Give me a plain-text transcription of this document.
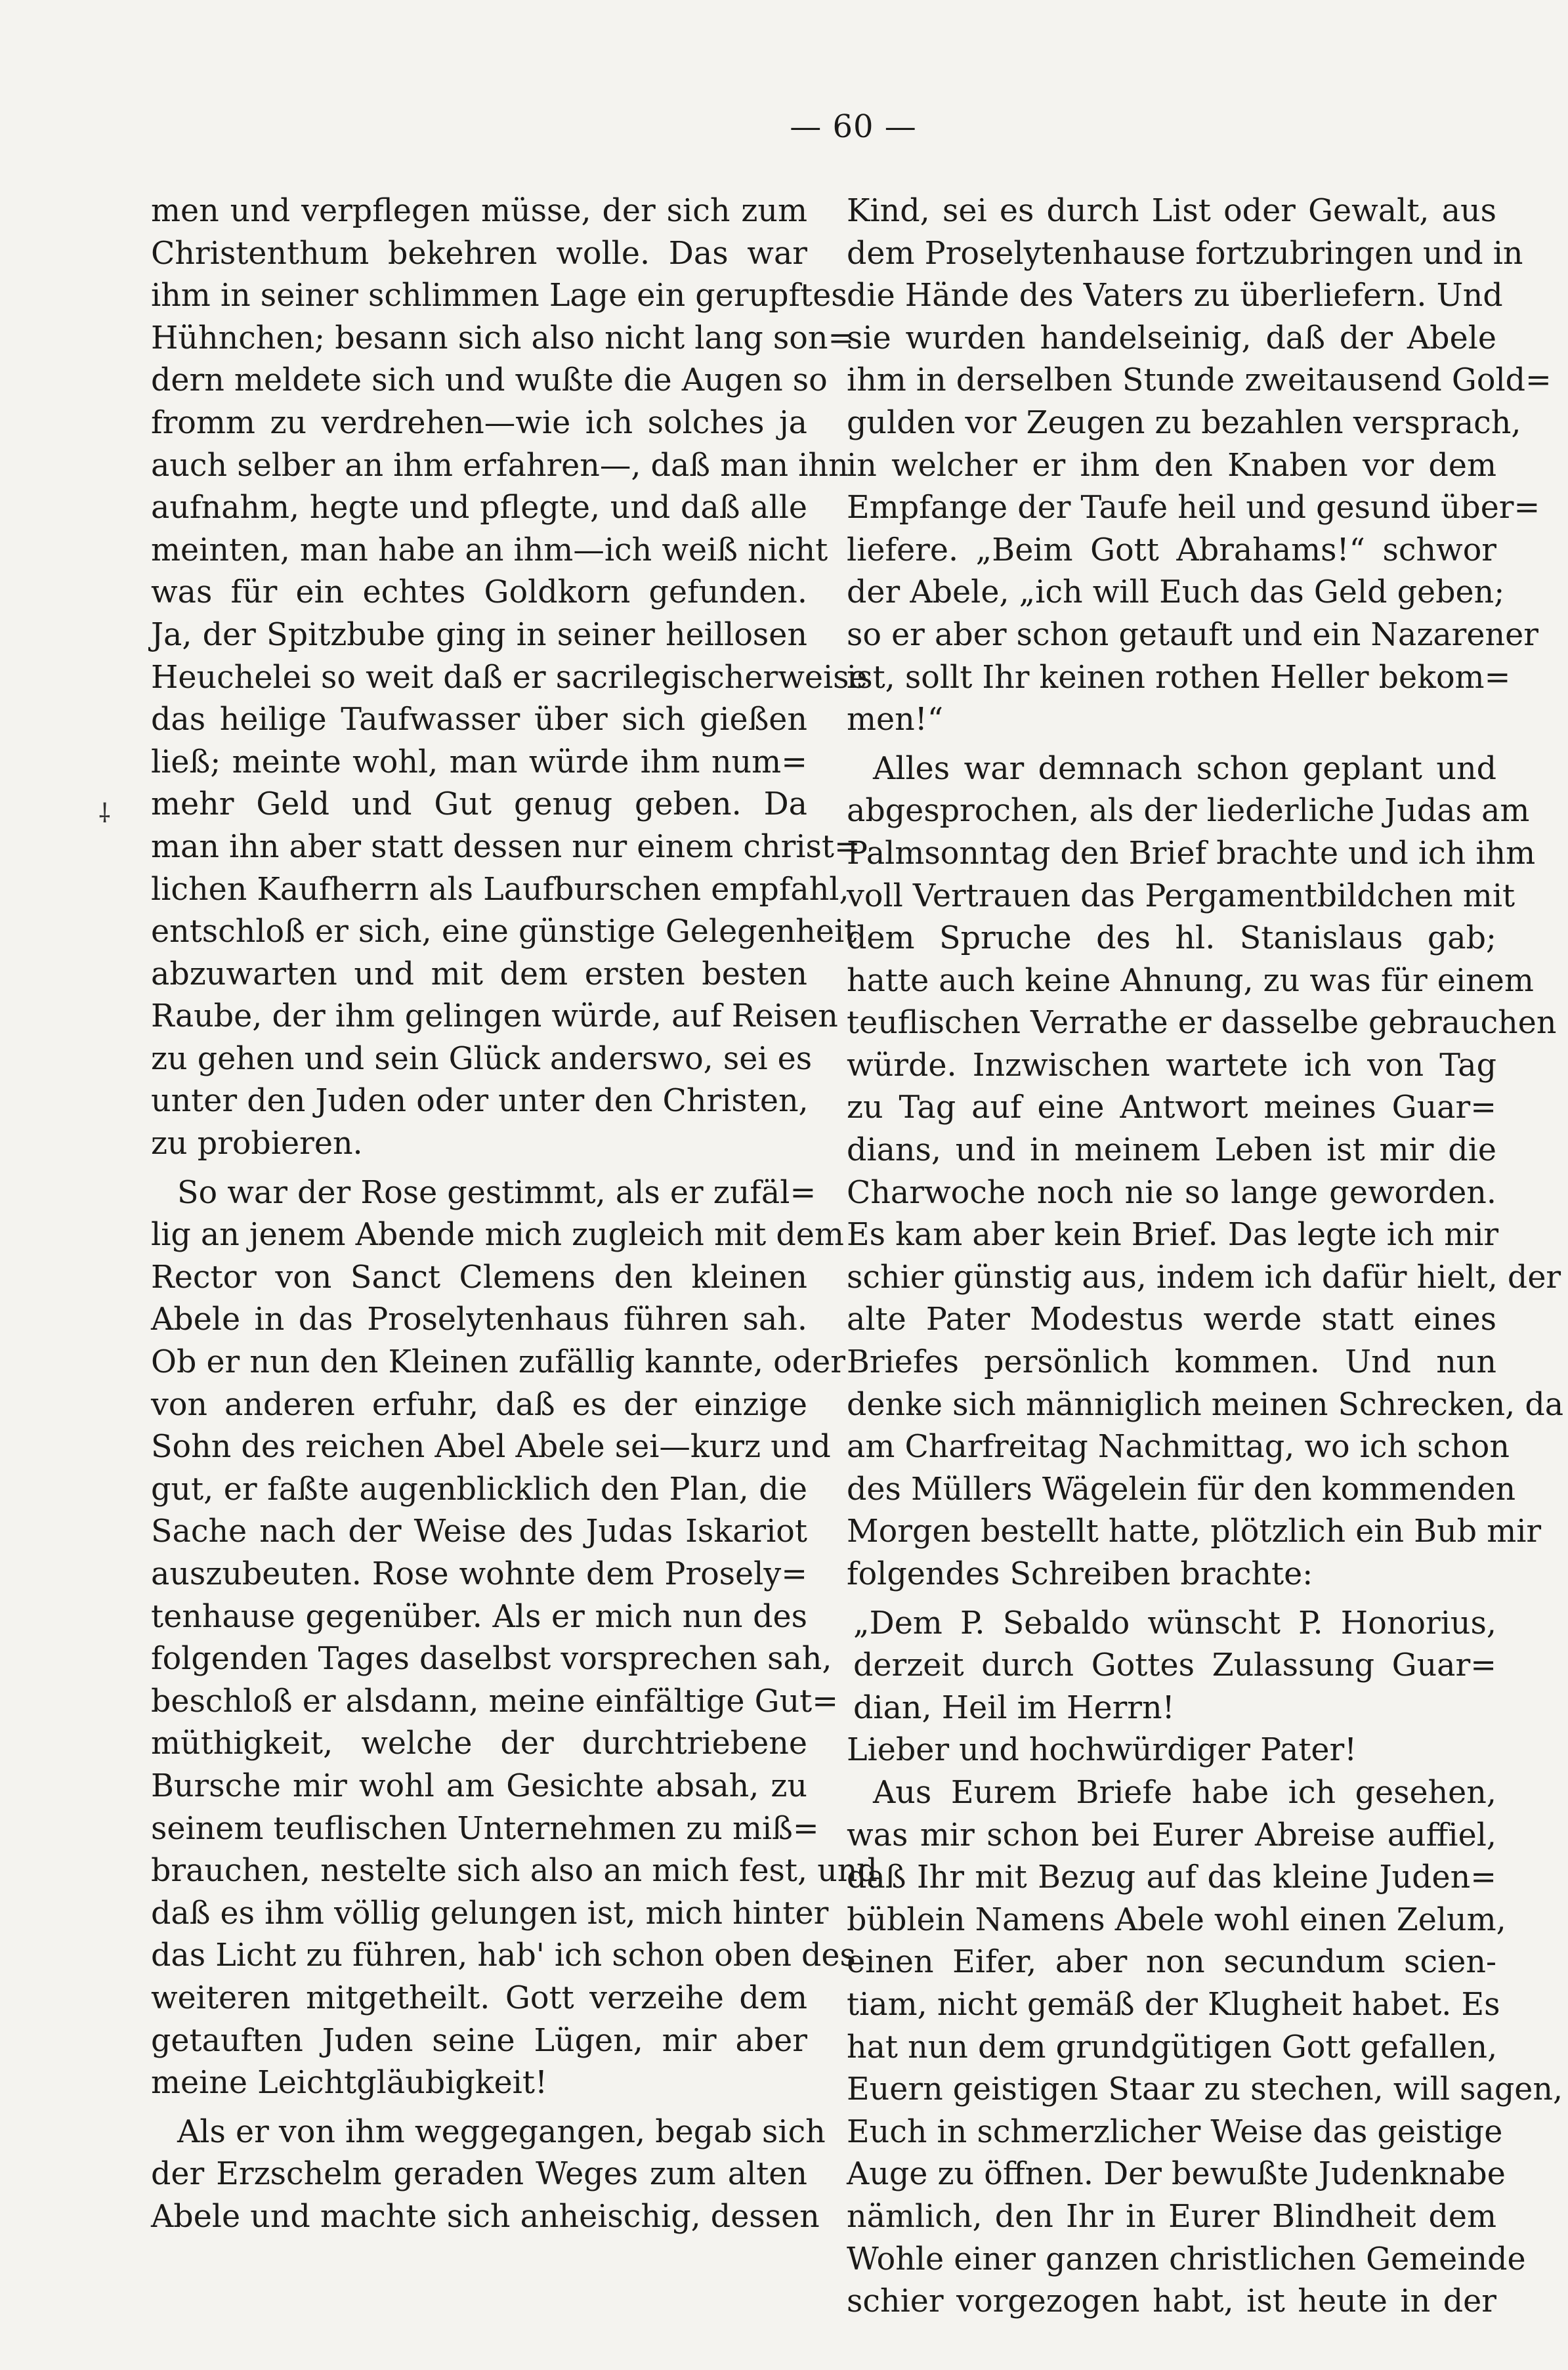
— 60 —
⸸
men und verpflegen müsse, der sich zum
Christenthum bekehren wolle. Das war
ihm in seiner schlimmen Lage ein gerupftes
Hühnchen; besann sich also nicht lang son=
dern meldete sich und wußte die Augen so
fromm zu verdrehen—wie ich solches ja
auch selber an ihm erfahren—, daß man ihn
aufnahm, hegte und pflegte, und daß alle
meinten, man habe an ihm—ich weiß nicht
was für ein echtes Goldkorn gefunden.
Ja, der Spitzbube ging in seiner heillosen
Heuchelei so weit daß er sacrilegischerweise
das heilige Taufwasser über sich gießen
ließ; meinte wohl, man würde ihm num=
mehr Geld und Gut genug geben. Da
man ihn aber statt dessen nur einem christ=
lichen Kaufherrn als Laufburschen empfahl,
entschloß er sich, eine günstige Gelegenheit
abzuwarten und mit dem ersten besten
Raube, der ihm gelingen würde, auf Reisen
zu gehen und sein Glück anderswo, sei es
unter den Juden oder unter den Christen,
zu probieren.
So war der Rose gestimmt, als er zufäl=
lig an jenem Abende mich zugleich mit dem
Rector von Sanct Clemens den kleinen
Abele in das Proselytenhaus führen sah.
Ob er nun den Kleinen zufällig kannte, oder
von anderen erfuhr, daß es der einzige
Sohn des reichen Abel Abele sei—kurz und
gut, er faßte augenblicklich den Plan, die
Sache nach der Weise des Judas Iskariot
auszubeuten. Rose wohnte dem Prosely=
tenhause gegenüber. Als er mich nun des
folgenden Tages daselbst vorsprechen sah,
beschloß er alsdann, meine einfältige Gut=
müthigkeit, welche der durchtriebene
Bursche mir wohl am Gesichte absah, zu
seinem teuflischen Unternehmen zu miß=
brauchen, nestelte sich also an mich fest, und
daß es ihm völlig gelungen ist, mich hinter
das Licht zu führen, hab' ich schon oben des
weiteren mitgetheilt. Gott verzeihe dem
getauften Juden seine Lügen, mir aber
meine Leichtgläubigkeit!
Als er von ihm weggegangen, begab sich
der Erzschelm geraden Weges zum alten
Abele und machte sich anheischig, dessen
Kind, sei es durch List oder Gewalt, aus
dem Proselytenhause fortzubringen und in
die Hände des Vaters zu überliefern. Und
sie wurden handelseinig, daß der Abele
ihm in derselben Stunde zweitausend Gold=
gulden vor Zeugen zu bezahlen versprach,
in welcher er ihm den Knaben vor dem
Empfange der Taufe heil und gesund über=
liefere. „Beim Gott Abrahams!“ schwor
der Abele, „ich will Euch das Geld geben;
so er aber schon getauft und ein Nazarener
ist, sollt Ihr keinen rothen Heller bekom=
men!“
Alles war demnach schon geplant und
abgesprochen, als der liederliche Judas am
Palmsonntag den Brief brachte und ich ihm
voll Vertrauen das Pergamentbildchen mit
dem Spruche des hl. Stanislaus gab;
hatte auch keine Ahnung, zu was für einem
teuflischen Verrathe er dasselbe gebrauchen
würde. Inzwischen wartete ich von Tag
zu Tag auf eine Antwort meines Guar=
dians, und in meinem Leben ist mir die
Charwoche noch nie so lange geworden.
Es kam aber kein Brief. Das legte ich mir
schier günstig aus, indem ich dafür hielt, der
alte Pater Modestus werde statt eines
Briefes persönlich kommen. Und nun
denke sich männiglich meinen Schrecken, da
am Charfreitag Nachmittag, wo ich schon
des Müllers Wägelein für den kommenden
Morgen bestellt hatte, plötzlich ein Bub mir
folgendes Schreiben brachte:
„Dem P. Sebaldo wünscht P. Honorius,
derzeit durch Gottes Zulassung Guar=
dian, Heil im Herrn!
Lieber und hochwürdiger Pater!
Aus Eurem Briefe habe ich gesehen,
was mir schon bei Eurer Abreise auffiel,
daß Ihr mit Bezug auf das kleine Juden=
büblein Namens Abele wohl einen Zelum,
einen Eifer, aber non secundum scien-
tiam, nicht gemäß der Klugheit habet. Es
hat nun dem grundgütigen Gott gefallen,
Euern geistigen Staar zu stechen, will sagen,
Euch in schmerzlicher Weise das geistige
Auge zu öffnen. Der bewußte Judenknabe
nämlich, den Ihr in Eurer Blindheit dem
Wohle einer ganzen christlichen Gemeinde
schier vorgezogen habt, ist heute in der
